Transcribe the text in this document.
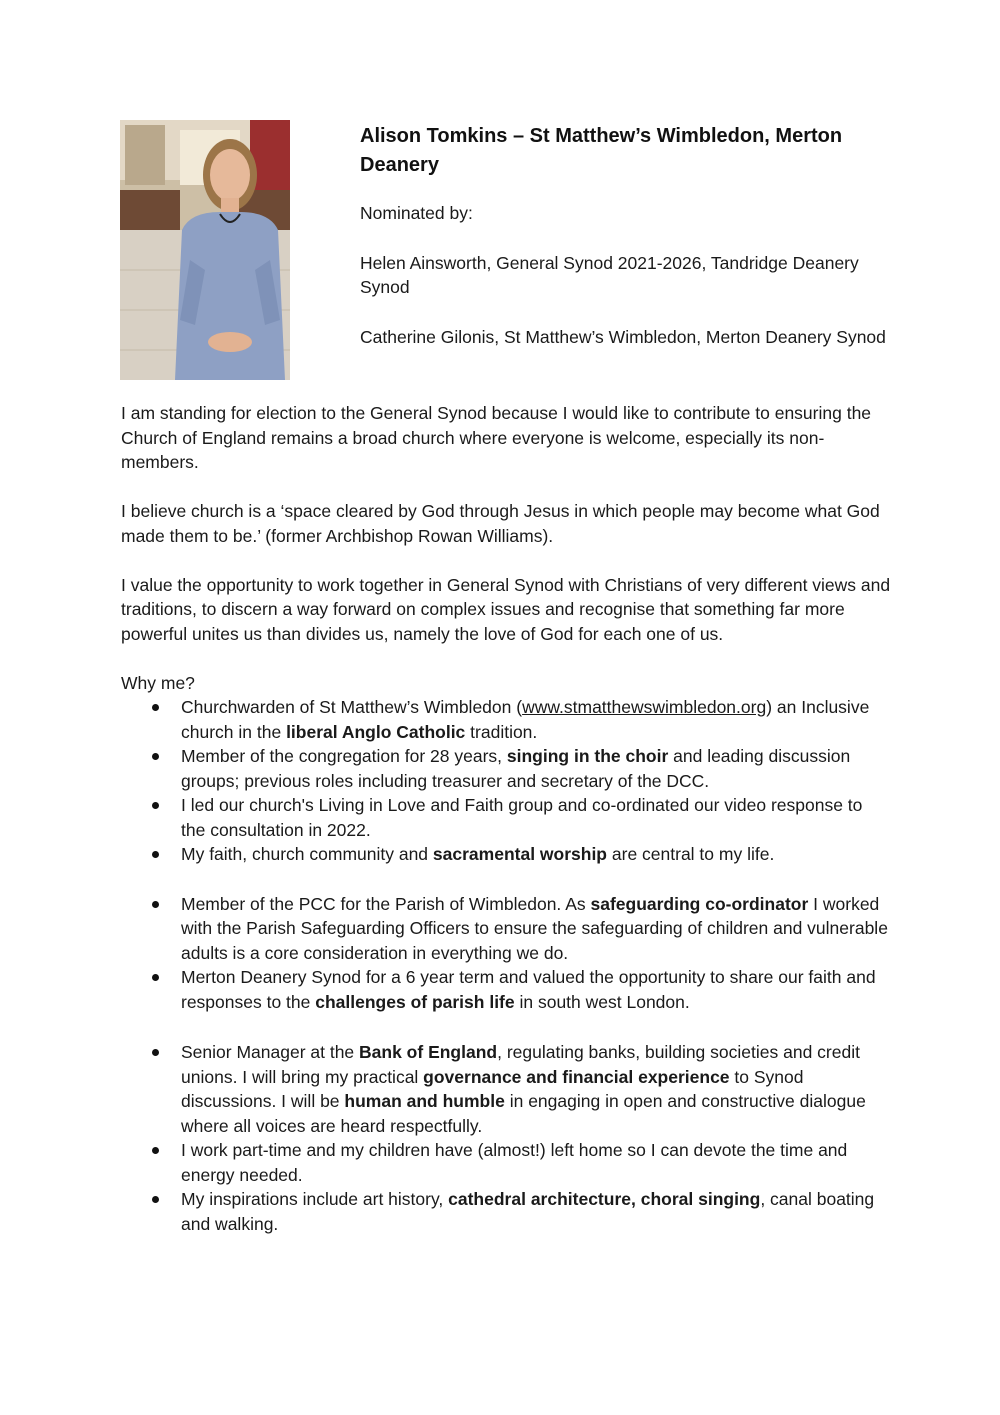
Alison Tomkins – St Matthew’s Wimbledon, Merton Deanery
Nominated by:
Helen Ainsworth, General Synod 2021-2026, Tandridge Deanery Synod
Catherine Gilonis, St Matthew’s Wimbledon, Merton Deanery Synod

I am standing for election to the General Synod because I would like to contribute to ensuring the Church of England remains a broad church where everyone is welcome, especially its non-members.

I believe church is a ‘space cleared by God through Jesus in which people may become what God made them to be.’ (former Archbishop Rowan Williams).

I value the opportunity to work together in General Synod with Christians of very different views and traditions, to discern a way forward on complex issues and recognise that something far more powerful unites us than divides us, namely the love of God for each one of us.

Why me?

Churchwarden of St Matthew’s Wimbledon (www.stmatthewswimbledon.org) an Inclusive church in the liberal Anglo Catholic tradition.
Member of the congregation for 28 years, singing in the choir and leading discussion groups; previous roles including treasurer and secretary of the DCC.
I led our church's Living in Love and Faith group and co-ordinated our video response to the consultation in 2022.
My faith, church community and sacramental worship are central to my life.
Member of the PCC for the Parish of Wimbledon. As safeguarding co-ordinator I worked with the Parish Safeguarding Officers to ensure the safeguarding of children and vulnerable adults is a core consideration in everything we do.
Merton Deanery Synod for a 6 year term and valued the opportunity to share our faith and responses to the challenges of parish life in south west London.
Senior Manager at the Bank of England, regulating banks, building societies and credit unions. I will bring my practical governance and financial experience to Synod discussions. I will be human and humble in engaging in open and constructive dialogue where all voices are heard respectfully.
I work part-time and my children have (almost!) left home so I can devote the time and energy needed.
My inspirations include art history, cathedral architecture, choral singing, canal boating and walking.
